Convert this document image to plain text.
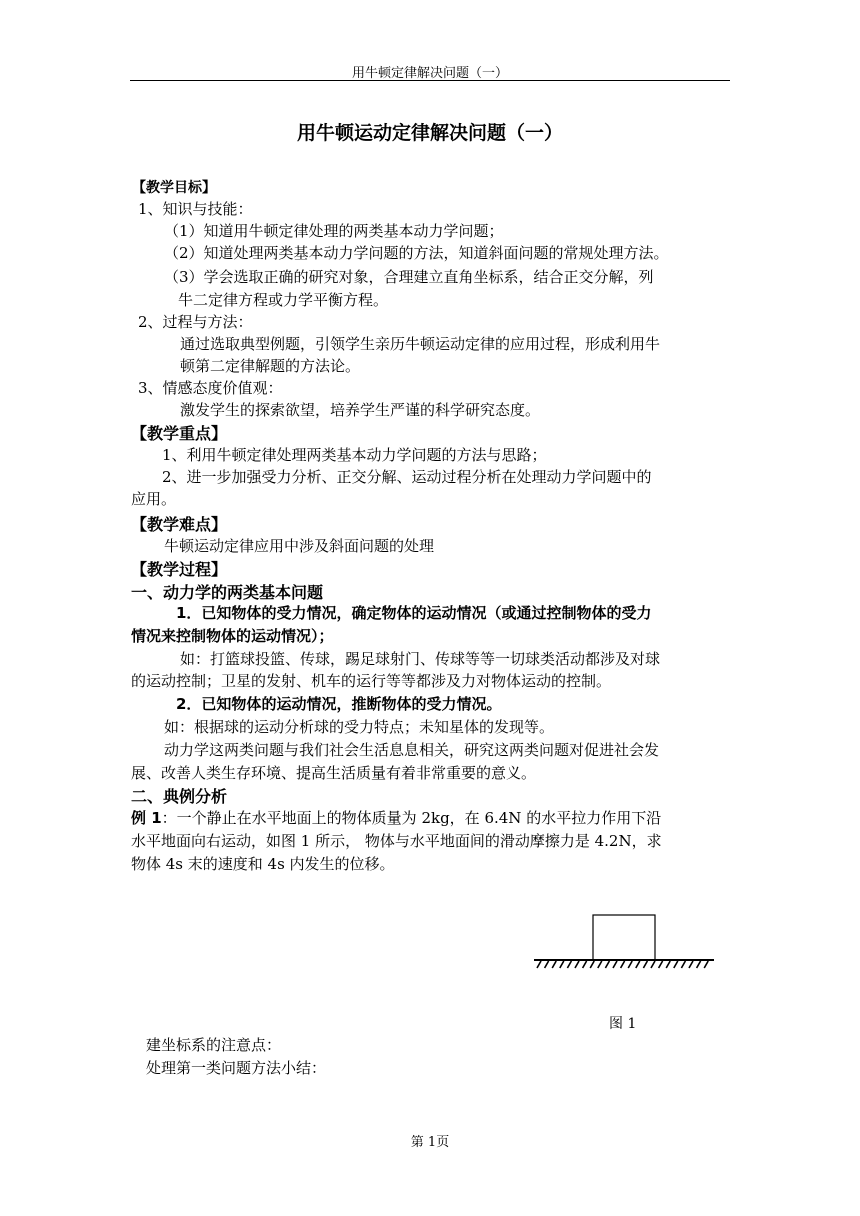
用牛顿定律解决问题（一）
用牛顿运动定律解决问题（一）
【教学目标】
1、知识与技能：
（1）知道用牛顿定律处理的两类基本动力学问题；
（2）知道处理两类基本动力学问题的方法，知道斜面问题的常规处理方法。
（3）学会选取正确的研究对象，合理建立直角坐标系，结合正交分解，列
牛二定律方程或力学平衡方程。
2、过程与方法：
通过选取典型例题，引领学生亲历牛顿运动定律的应用过程，形成利用牛
顿第二定律解题的方法论。
3、情感态度价值观：
激发学生的探索欲望，培养学生严谨的科学研究态度。
【教学重点】
1、利用牛顿定律处理两类基本动力学问题的方法与思路；
2、进一步加强受力分析、正交分解、运动过程分析在处理动力学问题中的
应用。
【教学难点】
牛顿运动定律应用中涉及斜面问题的处理
【教学过程】
一、动力学的两类基本问题
1．已知物体的受力情况，确定物体的运动情况（或通过控制物体的受力
情况来控制物体的运动情况）；
如：打篮球投篮、传球，踢足球射门、传球等等一切球类活动都涉及对球
的运动控制；卫星的发射、机车的运行等等都涉及力对物体运动的控制。
2．已知物体的运动情况，推断物体的受力情况。
如：根据球的运动分析球的受力特点；未知星体的发现等。
动力学这两类问题与我们社会生活息息相关，研究这两类问题对促进社会发
展、改善人类生存环境、提高生活质量有着非常重要的意义。
二、典例分析
例 1：一个静止在水平地面上的物体质量为 2kg，在 6.4N 的水平拉力作用下沿
水平地面向右运动，如图 1 所示， 物体与水平地面间的滑动摩擦力是 4.2N，求
物体 4s 末的速度和 4s 内发生的位移。
图 1
建坐标系的注意点：
处理第一类问题方法小结：
第 1页
